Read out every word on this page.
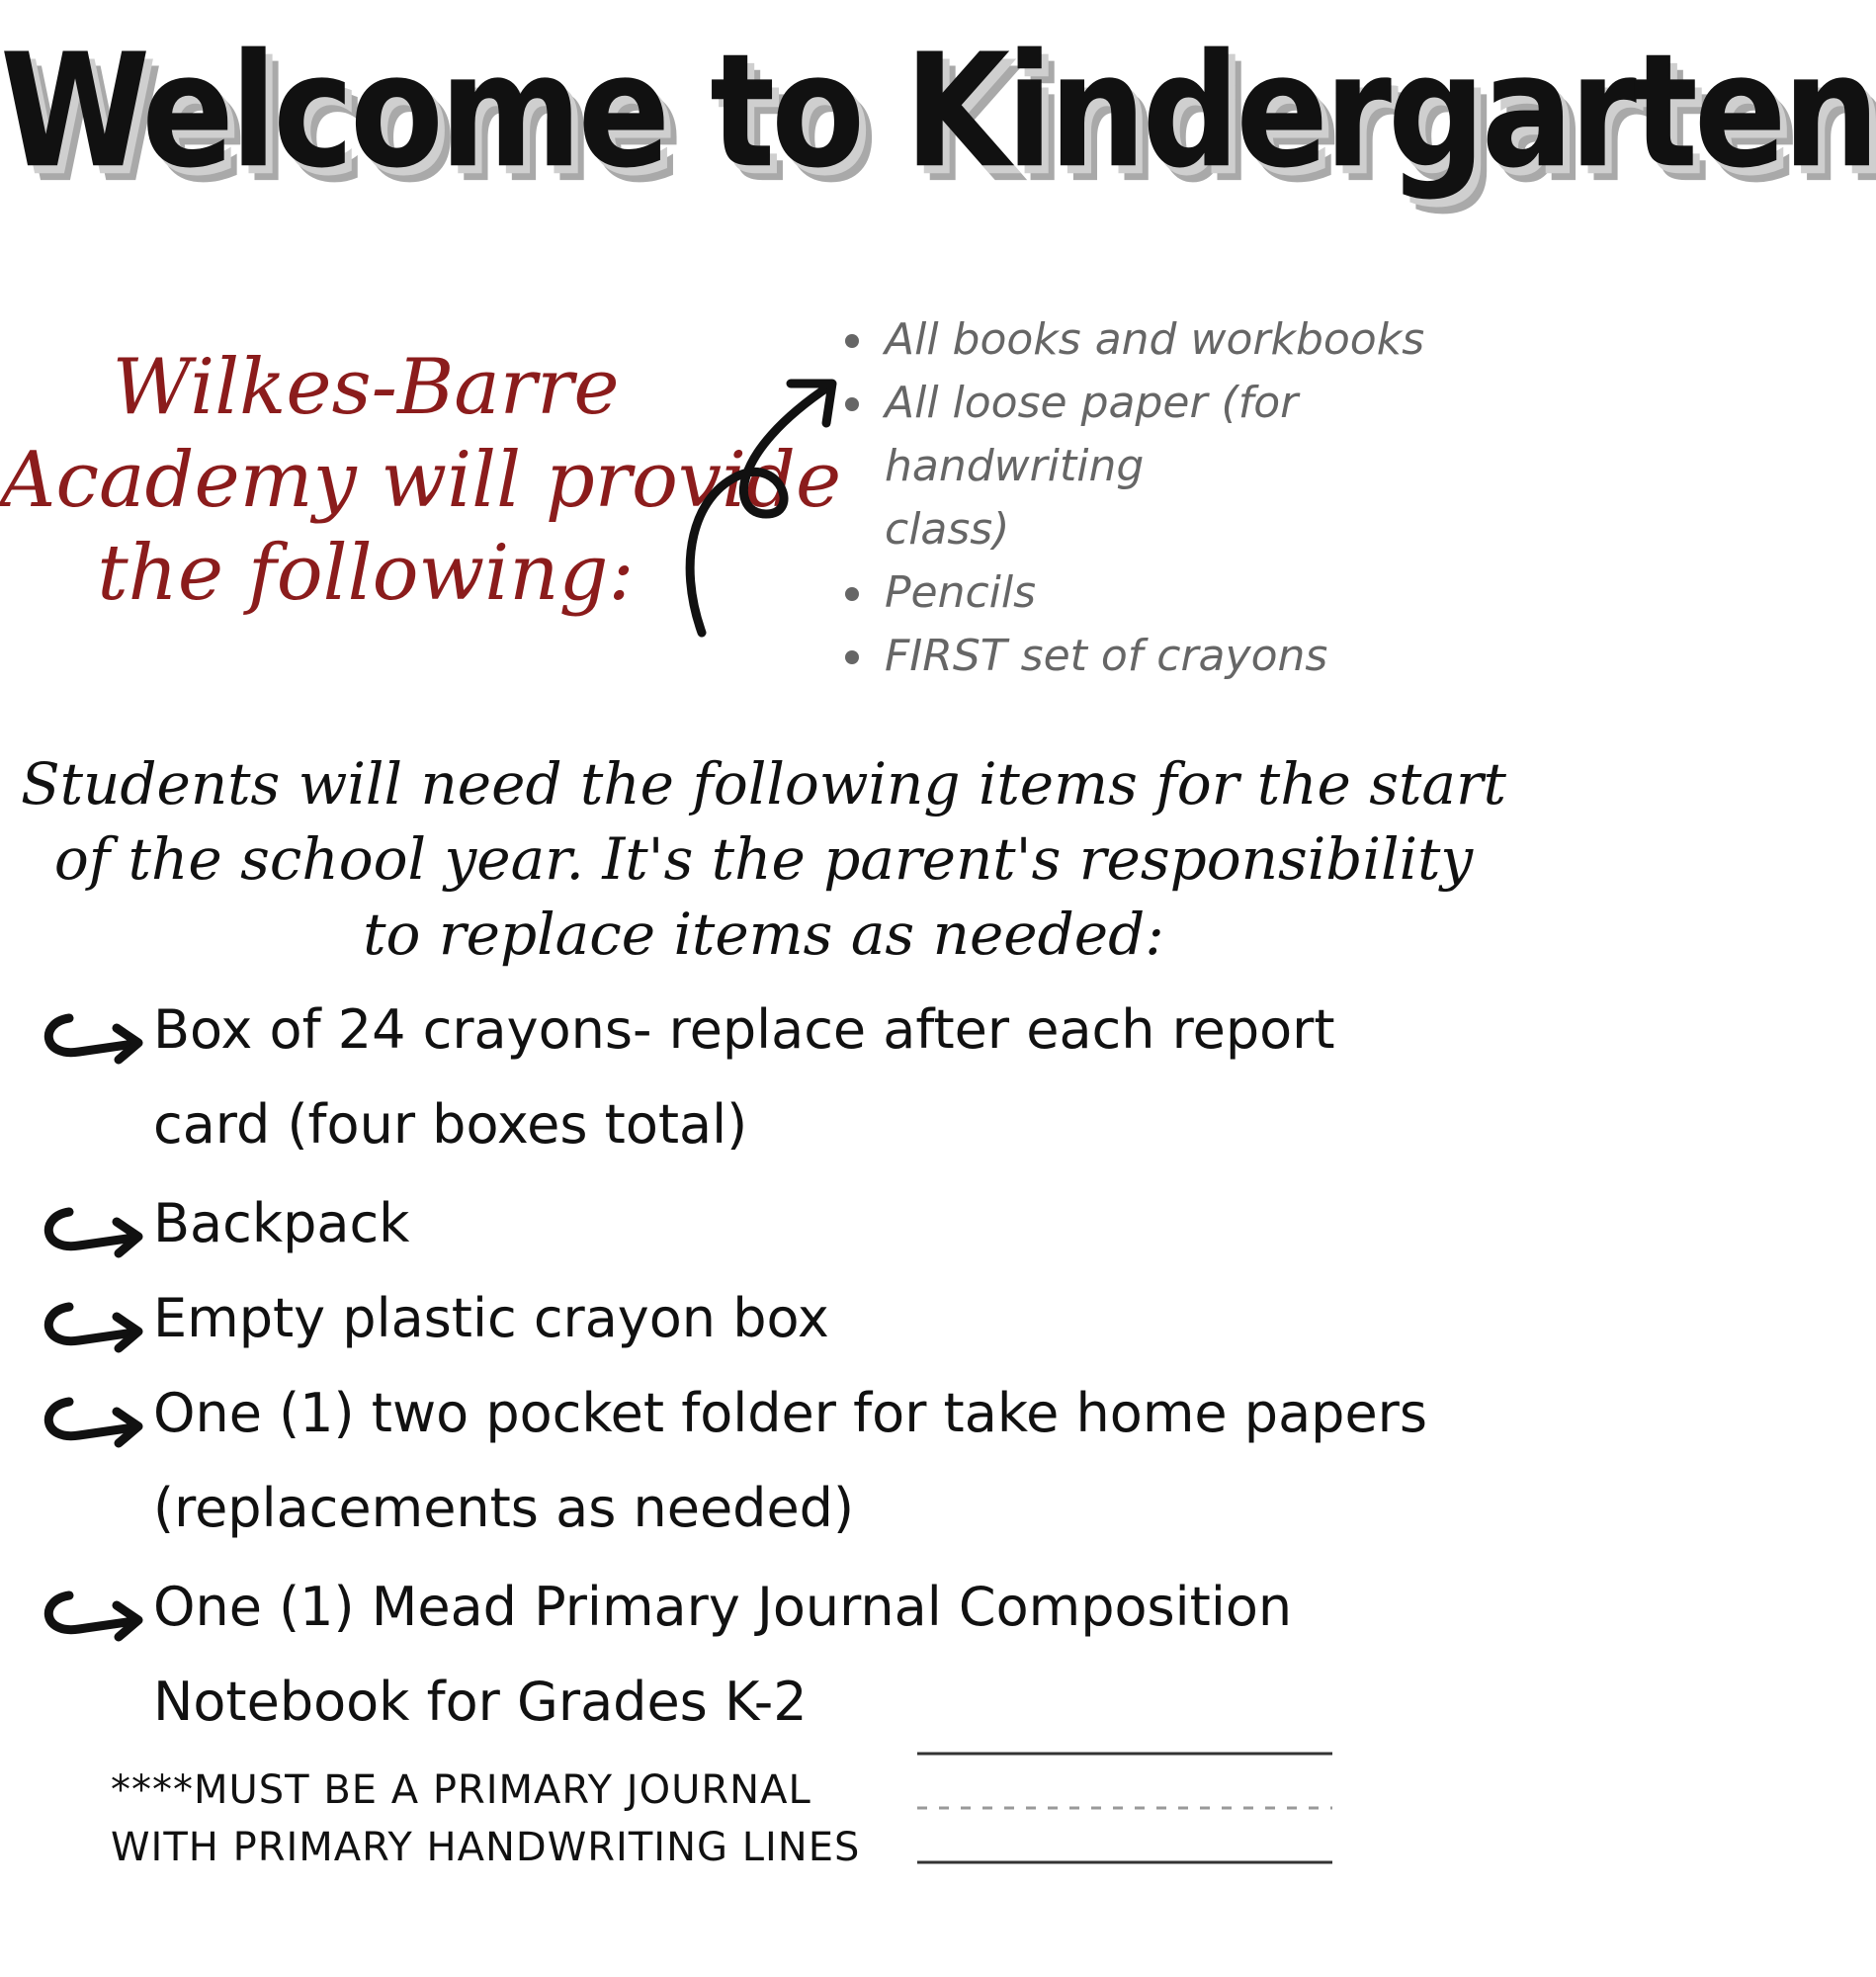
Welcome to Kindergarten
Wilkes-Barre
Academy will provide
the following:
All books and workbooks
All loose paper (for handwriting
class)
Pencils
FIRST set of crayons
Students will need the following items for the start
of the school year. It's the parent's responsibility
to replace items as needed:
Box of 24 crayons- replace after each report
card (four boxes total)
Backpack
Empty plastic crayon box
One (1) two pocket folder for take home papers
(replacements as needed)
One (1) Mead Primary Journal Composition
Notebook for Grades K-2
****MUST BE A PRIMARY JOURNAL
WITH PRIMARY HANDWRITING LINES
